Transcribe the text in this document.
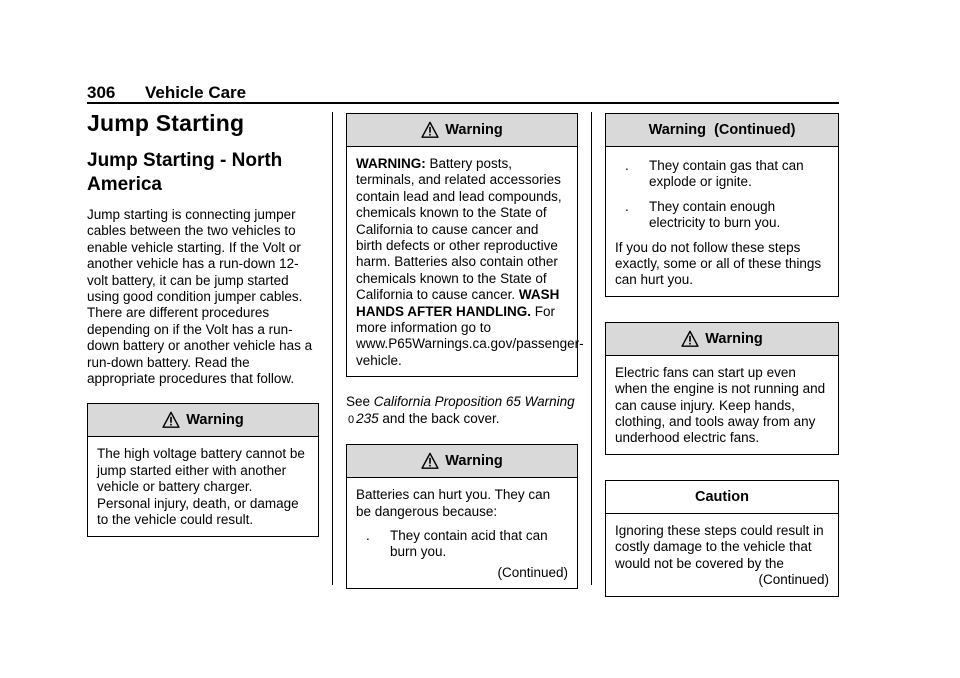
306 Vehicle Care
Jump Starting
Jump Starting - North America

Jump starting is connecting jumper cables between the two vehicles to enable vehicle starting. If the Volt or another vehicle has a run-down 12-volt battery, it can be jump started using good condition jumper cables. There are different procedures depending on if the Volt has a run-down battery or another vehicle has a run-down battery. Read the appropriate procedures that follow.

Warning

The high voltage battery cannot be jump started either with another vehicle or battery charger. Personal injury, death, or damage to the vehicle could result.

Warning

WARNING: Battery posts, terminals, and related accessories contain lead and lead compounds, chemicals known to the State of California to cause cancer and birth defects or other reproductive harm. Batteries also contain other chemicals known to the State of California to cause cancer. WASH HANDS AFTER HANDLING. For more information go to www.P65Warnings.ca.gov/passenger-vehicle.

See California Proposition 65 Warning 0 235 and the back cover.

Warning

Batteries can hurt you. They can be dangerous because:

.	They contain acid that can burn you.
(Continued)
Warning  (Continued)
.	They contain gas that can explode or ignite.
.	They contain enough electricity to burn you.

If you do not follow these steps exactly, some or all of these things can hurt you.

Warning

Electric fans can start up even when the engine is not running and can cause injury. Keep hands, clothing, and tools away from any underhood electric fans.

Caution

Ignoring these steps could result in costly damage to the vehicle that would not be covered by the

(Continued)
